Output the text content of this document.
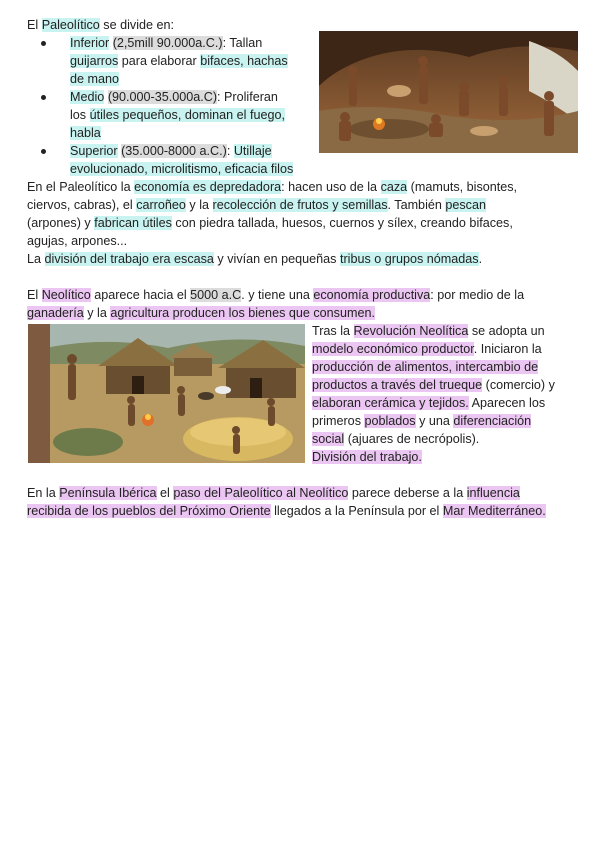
El Paleolítico se divide en:
Inferior (2,5mill 90.000a.C.): Tallan
guijarros para elaborar bifaces, hachas
de mano
Medio (90.000-35.000a.C): Proliferan
los útiles pequeños, dominan el fuego,
habla
Superior (35.000-8000 a.C.): Utillaje
evolucionado, microlitismo, eficacia filos
En el Paleolítico la economía es depredadora: hacen uso de la caza (mamuts, bisontes,
ciervos, cabras), el carroñeo y la recolección de frutos y semillas. También pescan
(arpones) y fabrican útiles con piedra tallada, huesos, cuernos y sílex, creando bifaces,
agujas, arpones...
La división del trabajo era escasa y vivían en pequeñas tribus o grupos nómadas.
El Neolítico aparece hacia el 5000 a.C. y tiene una economía productiva: por medio de la
ganadería y la agricultura producen los bienes que consumen.
Tras la Revolución Neolítica se adopta un
modelo económico productor. Iniciaron la
producción de alimentos, intercambio de
productos a través del trueque (comercio) y
elaboran cerámica y tejidos. Aparecen los
primeros poblados y una diferenciación
social (ajuares de necrópolis).
División del trabajo.
En la Península Ibérica el paso del Paleolítico al Neolítico parece deberse a la influencia
recibida de los pueblos del Próximo Oriente llegados a la Península por el Mar Mediterráneo.
